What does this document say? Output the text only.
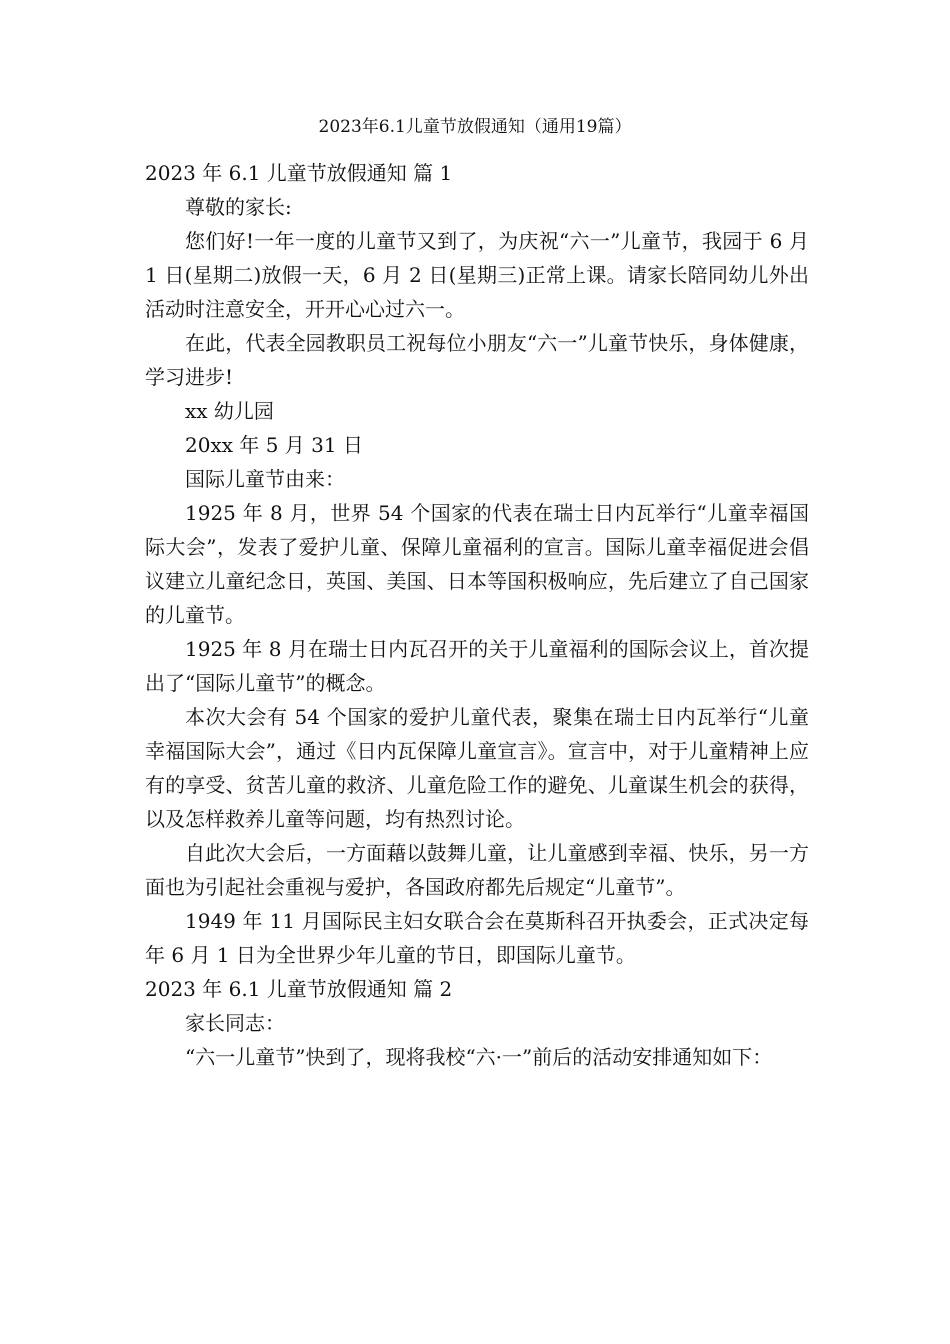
2023年6.1儿童节放假通知（通用19篇）

2023 年 6.1 儿童节放假通知 篇 1

尊敬的家长:

您们好!一年一度的儿童节又到了，为庆祝“六一”儿童节，我园于 6 月 1 日(星期二)放假一天，6 月 2 日(星期三)正常上课。请家长陪同幼儿外出活动时注意安全，开开心心过六一。

在此，代表全园教职员工祝每位小朋友“六一”儿童节快乐，身体健康，学习进步!

xx 幼儿园

20xx 年 5 月 31 日

国际儿童节由来：

1925 年 8 月，世界 54 个国家的代表在瑞士日内瓦举行“儿童幸福国际大会”，发表了爱护儿童、保障儿童福利的宣言。国际儿童幸福促进会倡议建立儿童纪念日，英国、美国、日本等国积极响应，先后建立了自己国家的儿童节。

1925 年 8 月在瑞士日内瓦召开的关于儿童福利的国际会议上，首次提出了“国际儿童节”的概念。

本次大会有 54 个国家的爱护儿童代表，聚集在瑞士日内瓦举行“儿童幸福国际大会”，通过《日内瓦保障儿童宣言》。宣言中，对于儿童精神上应有的享受、贫苦儿童的救济、儿童危险工作的避免、儿童谋生机会的获得，以及怎样救养儿童等问题，均有热烈讨论。

自此次大会后，一方面藉以鼓舞儿童，让儿童感到幸福、快乐，另一方面也为引起社会重视与爱护，各国政府都先后规定“儿童节”。

1949 年 11 月国际民主妇女联合会在莫斯科召开执委会，正式决定每年 6 月 1 日为全世界少年儿童的节日，即国际儿童节。

2023 年 6.1 儿童节放假通知 篇 2

家长同志：

“六一儿童节”快到了，现将我校“六·一”前后的活动安排通知如下：
